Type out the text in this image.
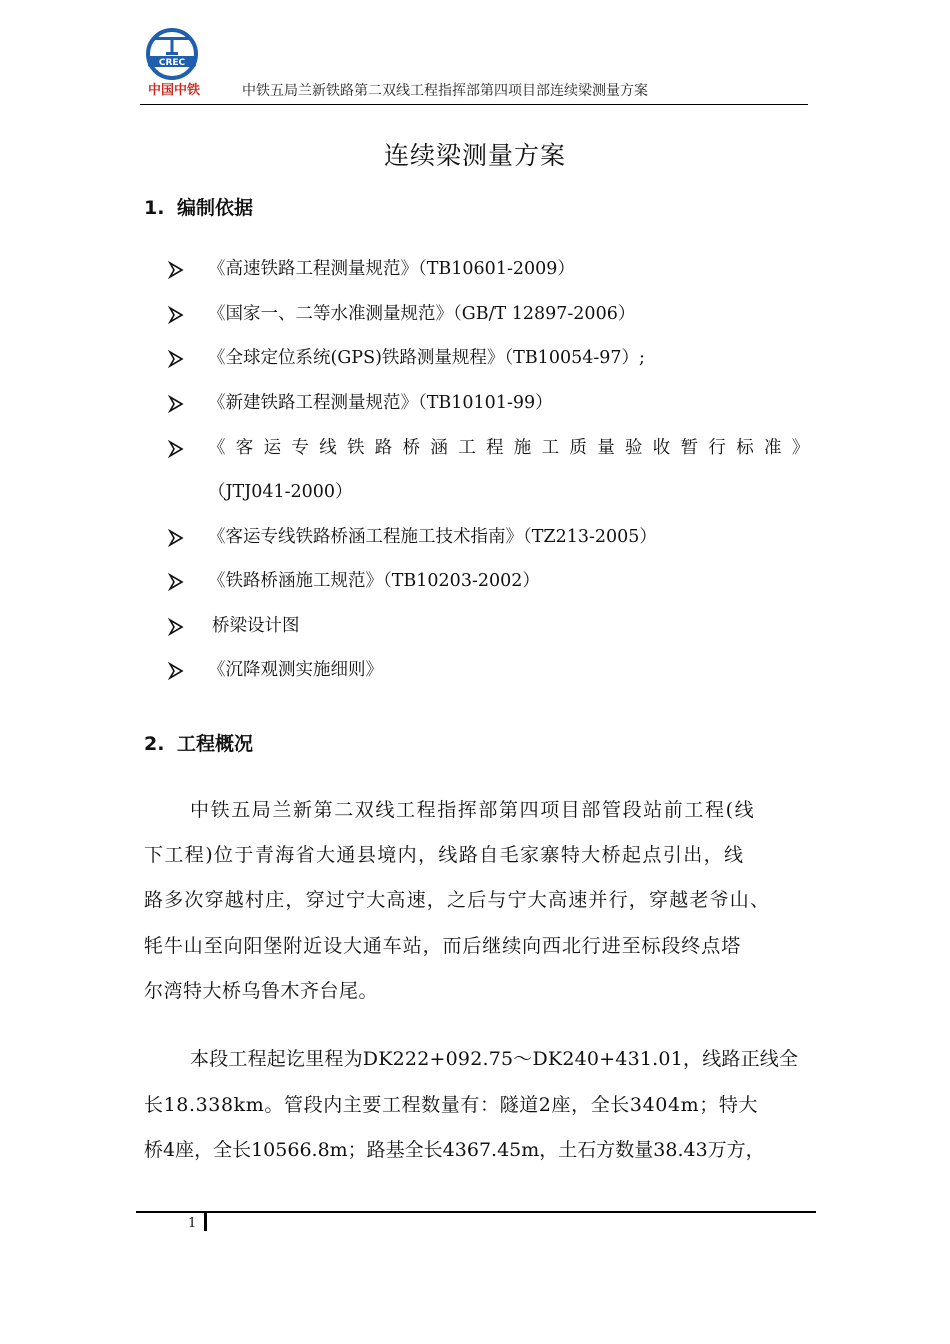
CREC
中国中铁	中铁五局兰新铁路第二双线工程指挥部第四项目部连续梁测量方案
连续梁测量方案
1. 编制依据
《高速铁路工程测量规范》（TB10601-2009）
《国家一、二等水准测量规范》（GB/T 12897-2006）
《全球定位系统(GPS)铁路测量规程》（TB10054-97）;
《新建铁路工程测量规范》（TB10101-99）
《客运专线铁路桥涵工程施工质量验收暂行标准》
（JTJ041-2000）
《客运专线铁路桥涵工程施工技术指南》（TZ213-2005）
《铁路桥涵施工规范》（TB10203-2002）
桥梁设计图
《沉降观测实施细则》
2. 工程概况
中铁五局兰新第二双线工程指挥部第四项目部管段站前工程(线
下工程)位于青海省大通县境内，线路自毛家寨特大桥起点引出，线
路多次穿越村庄，穿过宁大高速，之后与宁大高速并行，穿越老爷山、
牦牛山至向阳堡附近设大通车站，而后继续向西北行进至标段终点塔
尔湾特大桥乌鲁木齐台尾。
本段工程起讫里程为DK222+092.75～DK240+431.01，线路正线全
长18.338km。管段内主要工程数量有：隧道2座，全长3404m；特大
桥4座，全长10566.8m；路基全长4367.45m，土石方数量38.43万方，
1
